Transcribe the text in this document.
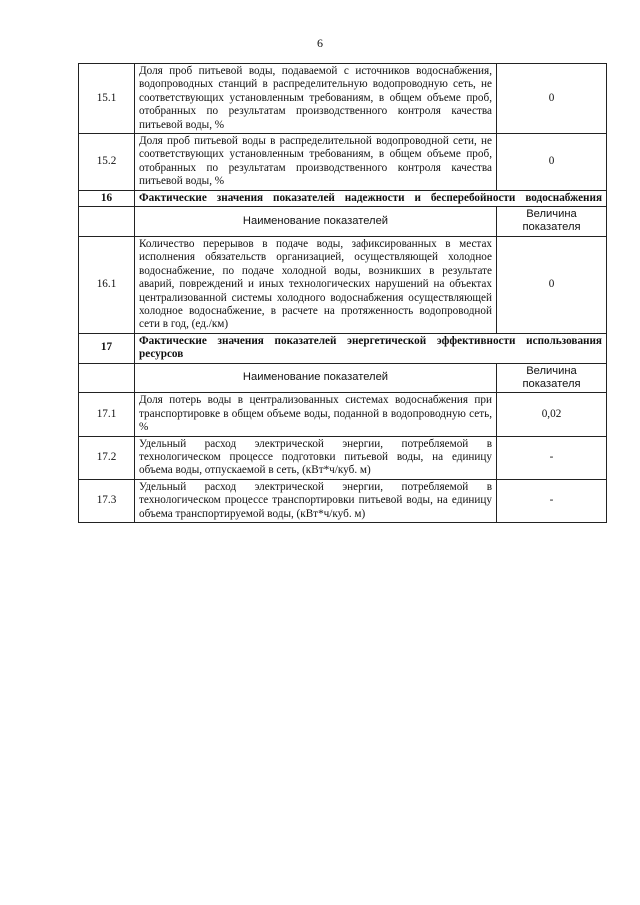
6
15.1	Доля проб питьевой воды, подаваемой с источников водоснабжения, водопроводных станций в распределительную водопроводную сеть, не соответствующих установленным требованиям, в общем объеме проб, отобранных по результатам производственного контроля качества питьевой воды, %	0
15.2	Доля проб питьевой воды в распределительной водопроводной сети, не соответствующих установленным требованиям, в общем объеме проб, отобранных по результатам производственного контроля качества питьевой воды, %	0
16	Фактические значения показателей надежности и бесперебойности водоснабжения	
	Наименование показателей	Величина показателя
16.1	Количество перерывов в подаче воды, зафиксированных в местах исполнения обязательств организацией, осуществляющей холодное водоснабжение, по подаче холодной воды, возникших в результате аварий, повреждений и иных технологических нарушений на объектах централизованной системы холодного водоснабжения осуществляющей холодное водоснабжение, в расчете на протяженность водопроводной сети в год, (ед./км)	0
17	Фактические значения показателей энергетической эффективности использования ресурсов	
	Наименование показателей	Величина показателя
17.1	Доля потерь воды в централизованных системах водоснабжения при транспортировке в общем объеме воды, поданной в водопроводную сеть, %	0,02
17.2	Удельный расход электрической энергии, потребляемой в технологическом процессе подготовки питьевой воды, на единицу объема воды, отпускаемой в сеть, (кВт*ч/куб. м)	-
17.3	Удельный расход электрической энергии, потребляемой в технологическом процессе транспортировки питьевой воды, на единицу объема транспортируемой воды, (кВт*ч/куб. м)	-
